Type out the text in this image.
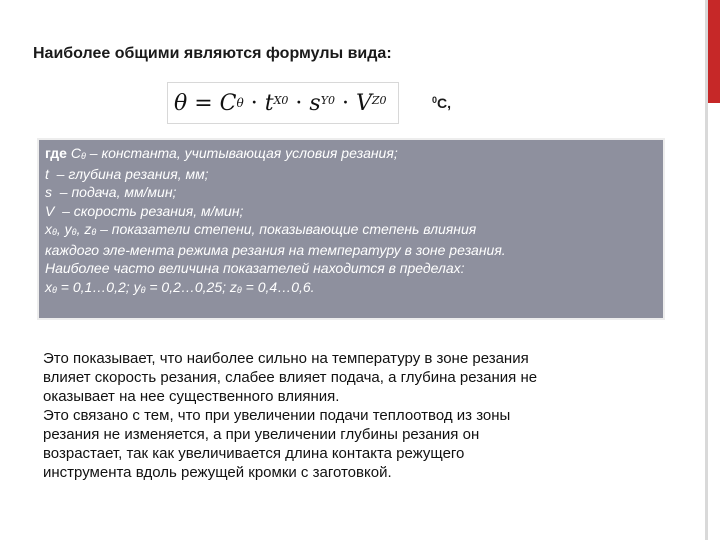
Наиболее общими являются формулы вида:
θ = C $\theta \cdot t^{X0} \cdot s^{Y0} \cdot V^{Z0}$	$^0$С,

где $С_\theta$ – константа, учитывающая условия резания;

t  – глубина резания, мм;

s  – подача, мм/мин;

V  – скорость резания, м/мин;

$x_\theta$, $y_\theta$, $z_\theta$ – показатели степени, показывающие степень влияния

каждого эле-мента режима резания на температуру в зоне резания.

Наиболее часто величина показателей находится в пределах:

$x_\theta$ = 0,1…0,2; $y_\theta$ = 0,2…0,25; $z_\theta$ = 0,4…0,6.

Это показывает, что наиболее сильно на температуру в зоне резания

влияет скорость резания, слабее влияет подача, а глубина резания не

оказывает на нее существенного влияния.

Это связано с тем, что при увеличении подачи теплоотвод из зоны

резания не изменяется, а при увеличении глубины резания он

возрастает, так как увеличивается длина контакта режущего

инструмента вдоль режущей кромки с заготовкой.
